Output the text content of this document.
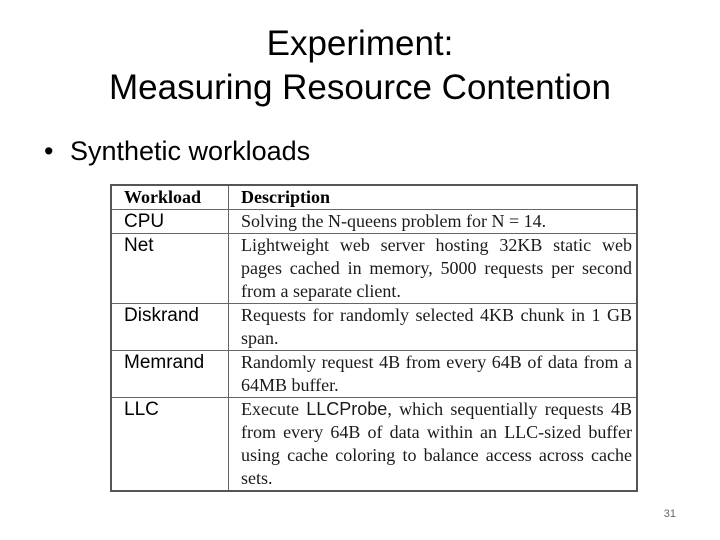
Experiment:
Measuring Resource Contention
• Synthetic workloads
Workload	Description
CPU	Solving the N-queens problem for N = 14.
Net	Lightweight web server hosting 32KB static web pages cached in memory, 5000 requests per second from a separate client.
Diskrand	Requests for randomly selected 4KB chunk in 1 GB span.
Memrand	Randomly request 4B from every 64B of data from a 64MB buffer.
LLC	Execute LLCProbe, which sequentially requests 4B from every 64B of data within an LLC-sized buffer using cache coloring to balance access across cache sets.
31
